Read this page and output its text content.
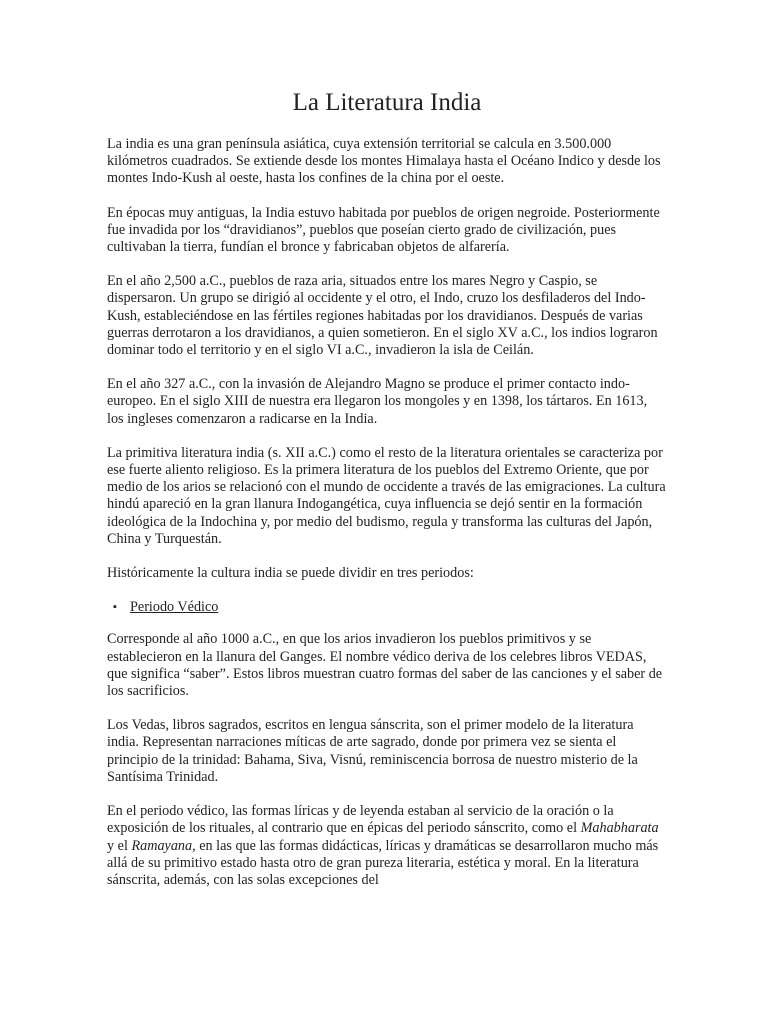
La Literatura India

La india es una gran península asiática, cuya extensión territorial se calcula en 3.500.000 kilómetros cuadrados. Se extiende desde los montes Himalaya hasta el Océano Indico y desde los montes Indo-Kush al oeste, hasta los confines de la china por el oeste.

En épocas muy antiguas, la India estuvo habitada por pueblos de origen negroide. Posteriormente fue invadida por los “dravidianos”, pueblos que poseían cierto grado de civilización, pues cultivaban la tierra, fundían el bronce y fabricaban objetos de alfarería.

En el año 2,500 a.C., pueblos de raza aria, situados entre los mares Negro y Caspio, se dispersaron. Un grupo se dirigió al occidente y el otro, el Indo, cruzo los desfiladeros del Indo-Kush, estableciéndose en las fértiles regiones habitadas por los dravidianos. Después de varias guerras derrotaron a los dravidianos, a quien sometieron. En el siglo XV a.C., los indios lograron dominar todo el territorio y en el siglo VI a.C., invadieron la isla de Ceilán.

En el año 327 a.C., con la invasión de Alejandro Magno se produce el primer contacto indo-europeo. En el siglo XIII de nuestra era llegaron los mongoles y en 1398, los tártaros. En 1613, los ingleses comenzaron a radicarse en la India.

La primitiva literatura india (s. XII a.C.) como el resto de la literatura orientales se caracteriza por ese fuerte aliento religioso. Es la primera literatura de los pueblos del Extremo Oriente, que por medio de los arios se relacionó con el mundo de occidente a través de las emigraciones. La cultura hindú apareció en la gran llanura Indogangética, cuya influencia se dejó sentir en la formación ideológica de la Indochina y, por medio del budismo, regula y transforma las culturas del Japón, China y Turquestán.

Históricamente la cultura india se puede dividir en tres periodos:

▪ Periodo Védico

Corresponde al año 1000 a.C., en que los arios invadieron los pueblos primitivos y se establecieron en la llanura del Ganges. El nombre védico deriva de los celebres libros VEDAS, que significa “saber”. Estos libros muestran cuatro formas del saber de las canciones y el saber de los sacrificios.

Los Vedas, libros sagrados, escritos en lengua sánscrita, son el primer modelo de la literatura india. Representan narraciones míticas de arte sagrado, donde por primera vez se sienta el principio de la trinidad: Bahama, Siva, Visnú, reminiscencia borrosa de nuestro misterio de la Santísima Trinidad.

En el periodo védico, las formas líricas y de leyenda estaban al servicio de la oración o la exposición de los rituales, al contrario que en épicas del periodo sánscrito, como el Mahabharata y el Ramayana, en las que las formas didácticas, líricas y dramáticas se desarrollaron mucho más allá de su primitivo estado hasta otro de gran pureza literaria, estética y moral. En la literatura sánscrita, además, con las solas excepciones del
